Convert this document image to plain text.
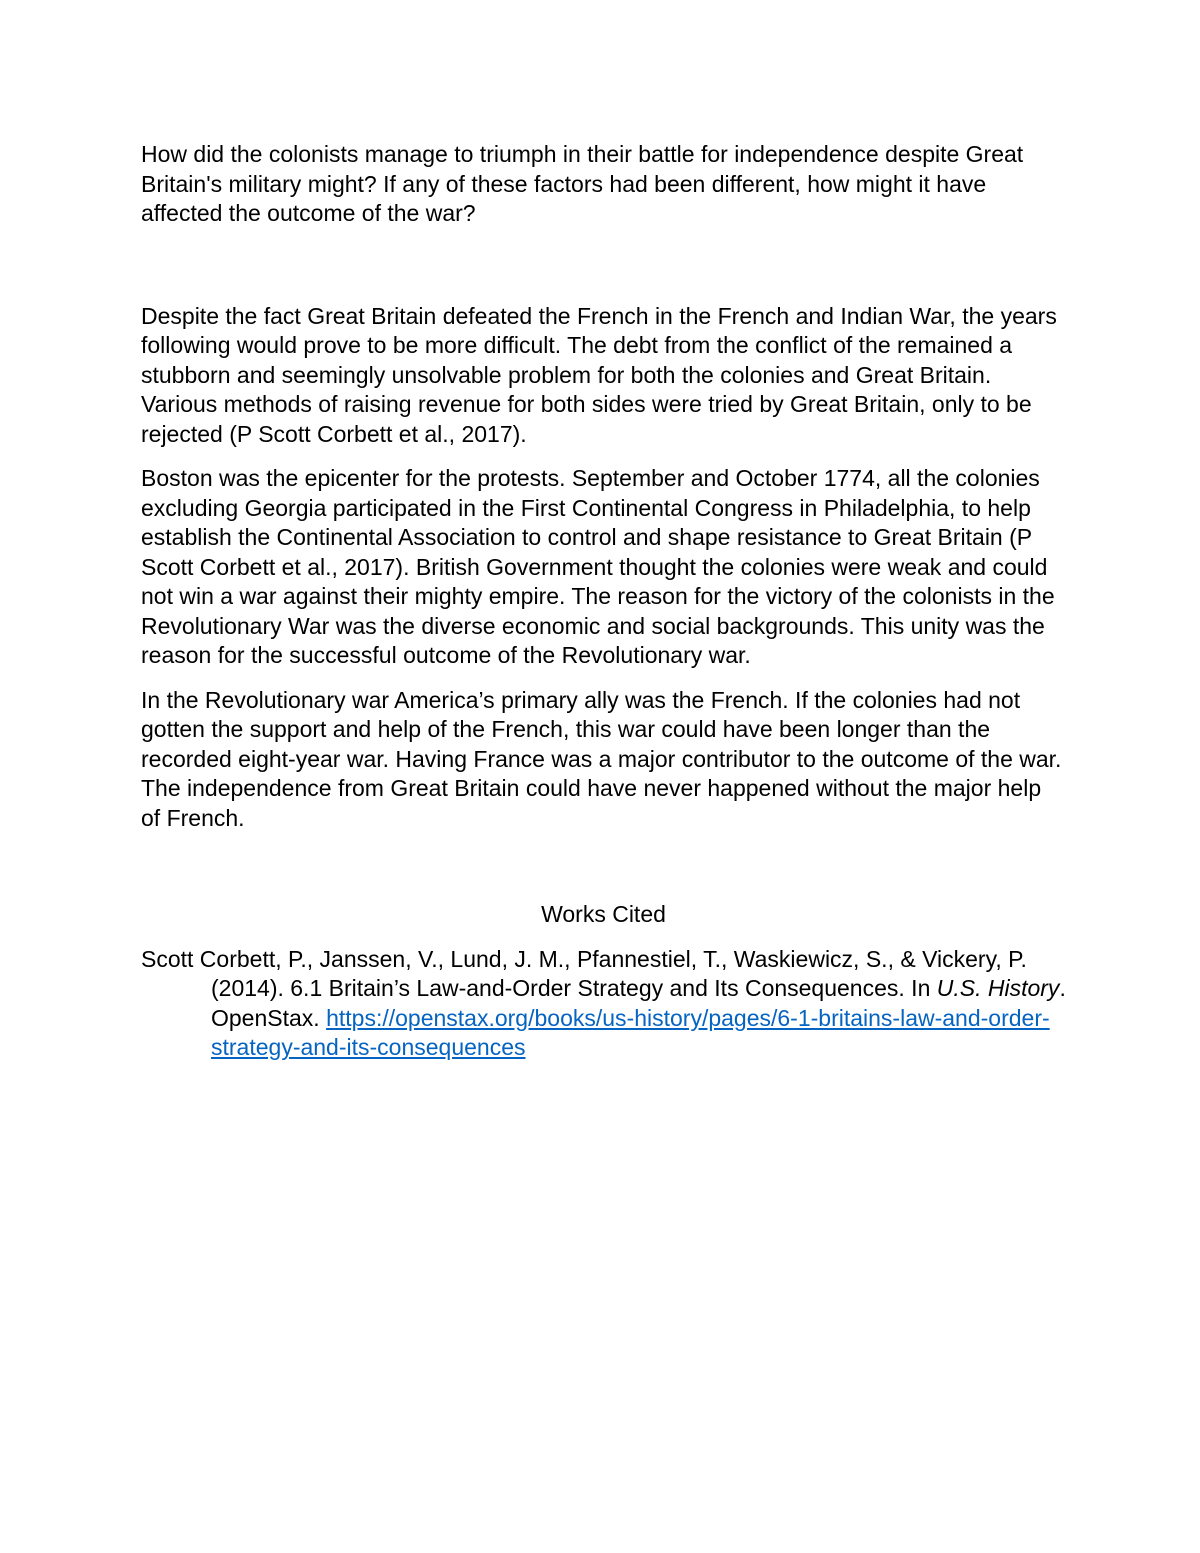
How did the colonists manage to triumph in their battle for independence despite Great Britain's military might? If any of these factors had been different, how might it have affected the outcome of the war?

Despite the fact Great Britain defeated the French in the French and Indian War, the years following would prove to be more difficult. The debt from the conflict of the remained a stubborn and seemingly unsolvable problem for both the colonies and Great Britain. Various methods of raising revenue for both sides were tried by Great Britain, only to be rejected (P Scott Corbett et al., 2017).

Boston was the epicenter for the protests. September and October 1774, all the colonies excluding Georgia participated in the First Continental Congress in Philadelphia, to help establish the Continental Association to control and shape resistance to Great Britain (P Scott Corbett et al., 2017). British Government thought the colonies were weak and could not win a war against their mighty empire. The reason for the victory of the colonists in the Revolutionary War was the diverse economic and social backgrounds. This unity was the reason for the successful outcome of the Revolutionary war.

In the Revolutionary war America’s primary ally was the French. If the colonies had not gotten the support and help of the French, this war could have been longer than the recorded eight-year war. Having France was a major contributor to the outcome of the war. The independence from Great Britain could have never happened without the major help of French.

Works Cited

Scott Corbett, P., Janssen, V., Lund, J. M., Pfannestiel, T., Waskiewicz, S., & Vickery, P. (2014). 6.1 Britain’s Law-and-Order Strategy and Its Consequences. In U.S. History. OpenStax. https://openstax.org/books/us-history/pages/6-1-britains-law-and-order-strategy-and-its-consequences
